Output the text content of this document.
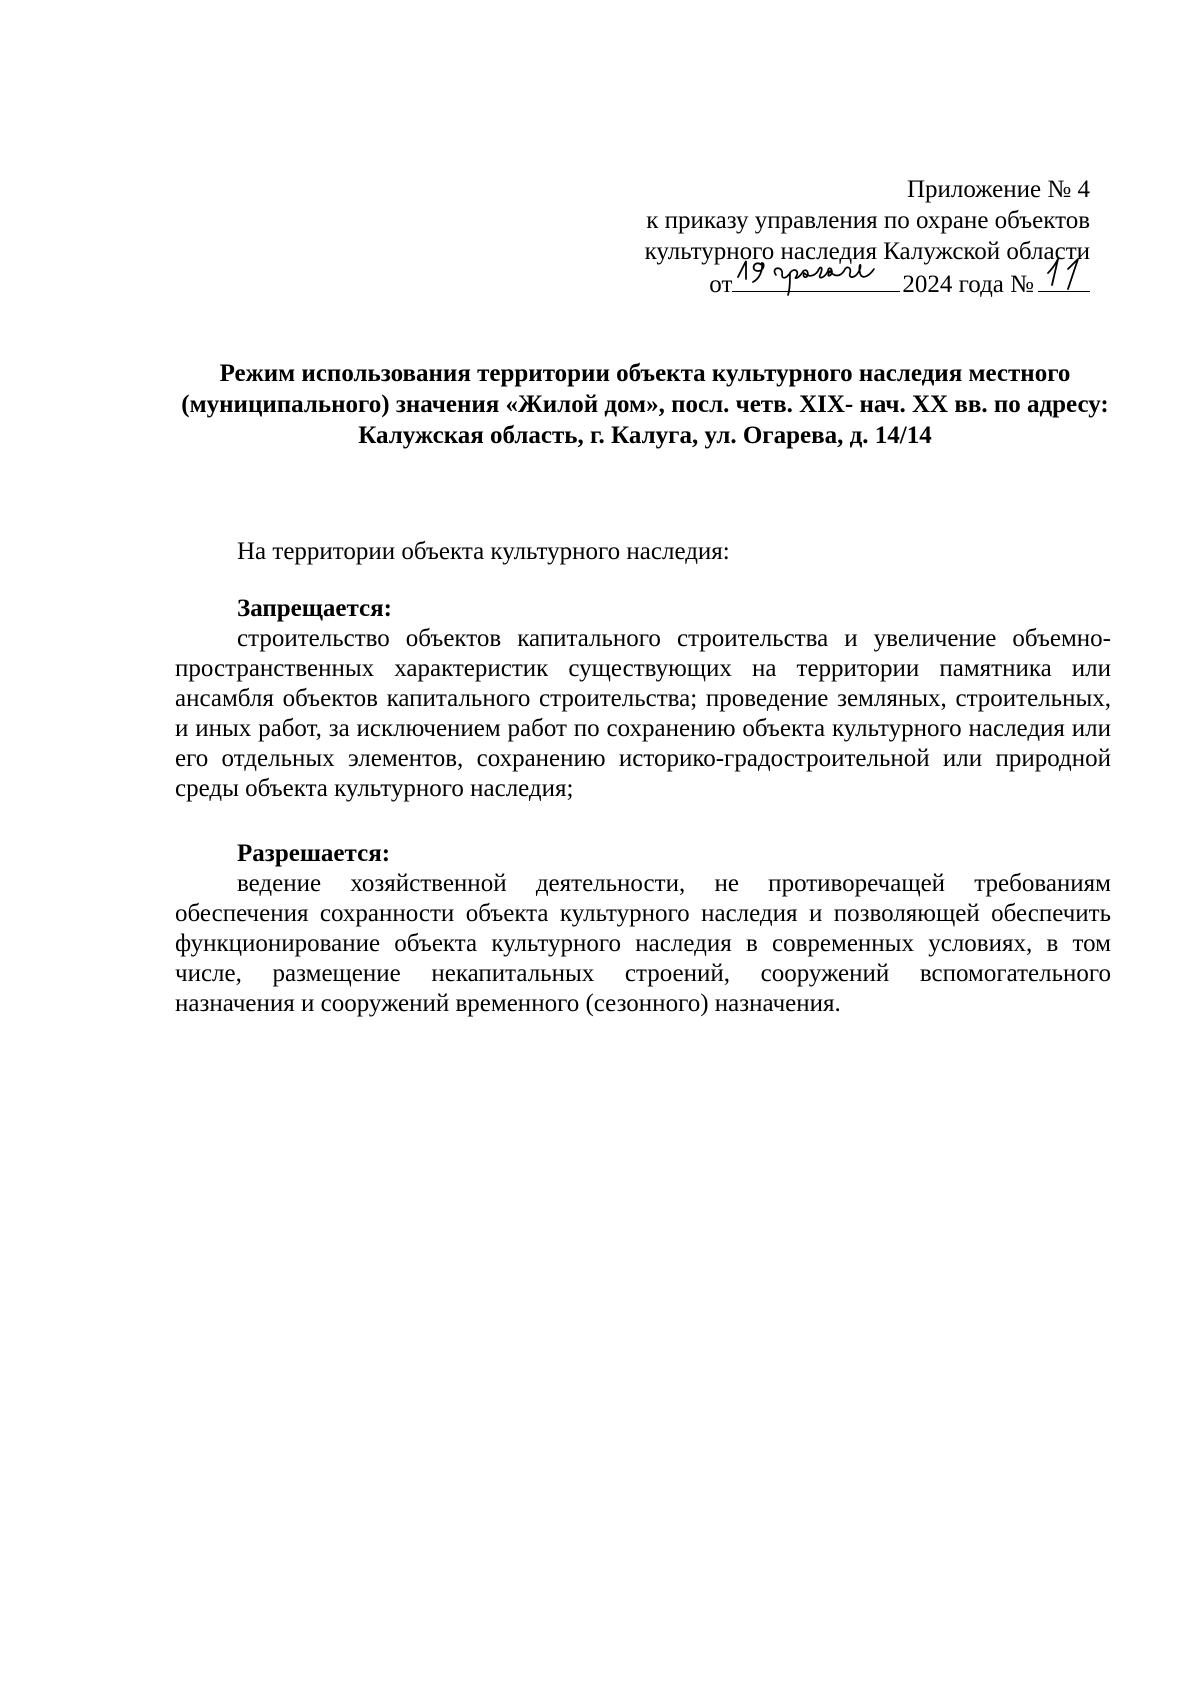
Приложение № 4
к приказу управления по охране объектов
культурного наследия Калужской области
от	2024 года №
Режим использования территории объекта культурного наследия местного (муниципального) значения «Жилой дом», посл. четв. XIX- нач. XX вв. по адресу: Калужская область, г. Калуга, ул. Огарева, д. 14/14
На территории объекта культурного наследия:
Запрещается:

строительство объектов капитального строительства и увеличение объемно-пространственных характеристик существующих на территории памятника или ансамбля объектов капитального строительства; проведение земляных, строительных, и иных работ, за исключением работ по сохранению объекта культурного наследия или его отдельных элементов, сохранению историко-градостроительной или природной среды объекта культурного наследия;

Разрешается:

ведение хозяйственной деятельности, не противоречащей требованиям обеспечения сохранности объекта культурного наследия и позволяющей обеспечить функционирование объекта культурного наследия в современных условиях, в том числе, размещение некапитальных строений, сооружений вспомогательного назначения и сооружений временного (сезонного) назначения.
